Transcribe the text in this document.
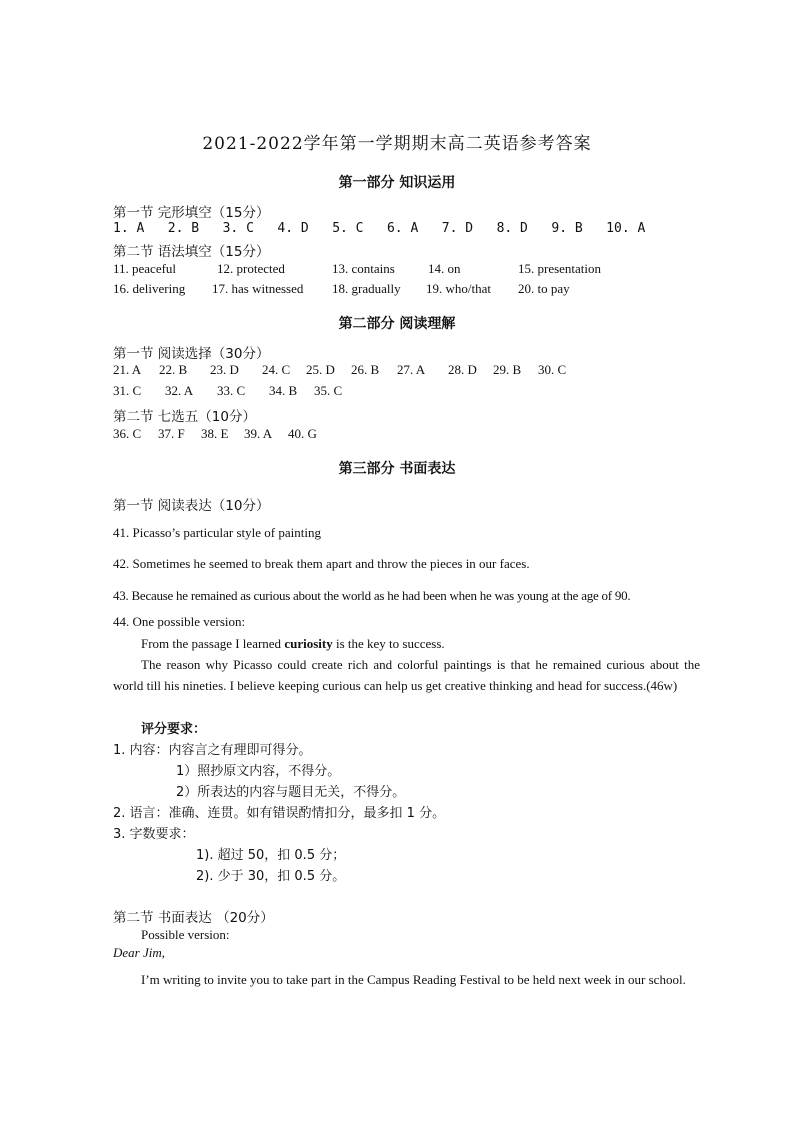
2021-2022学年第一学期期末高二英语参考答案
第一部分 知识运用
第一节 完形填空（15分）
1. A 2. B 3. C 4. D 5. C 6. A 7. D 8. D 9. B 10. A
第二节 语法填空（15分）
11. peaceful	12. protected	13. contains	14. on	15. presentation
16. delivering 17. has witnessed 18. gradually 19. who/that 20. to pay
第二部分 阅读理解
第一节 阅读选择（30分）
21. A 22. B 23. D 24. C 25. D 26. B 27. A 28. D 29. B 30. C
31. C 32. A 33. C 34. B 35. C
第二节 七选五（10分）
36. C 37. F 38. E 39. A 40. G
第三部分 书面表达
第一节 阅读表达（10分）
41. Picasso’s particular style of painting
42. Sometimes he seemed to break them apart and throw the pieces in our faces.
43. Because he remained as curious about the world as he had been when he was young at the age of 90.
44. One possible version:
From the passage I learned curiosity is the key to success.
The reason why Picasso could create rich and colorful paintings is that he remained curious about the world till his nineties. I believe keeping curious can help us get creative thinking and head for success.(46w)
评分要求：
1. 内容：内容言之有理即可得分。
1）照抄原文内容，不得分。
2）所表达的内容与题目无关，不得分。
2. 语言：准确、连贯。如有错误酌情扣分，最多扣 1 分。
3. 字数要求：
1). 超过 50，扣 0.5 分；
2). 少于 30，扣 0.5 分。
第二节 书面表达 （20分）
Possible version:
Dear Jim,
I’m writing to invite you to take part in the Campus Reading Festival to be held next week in our school.
